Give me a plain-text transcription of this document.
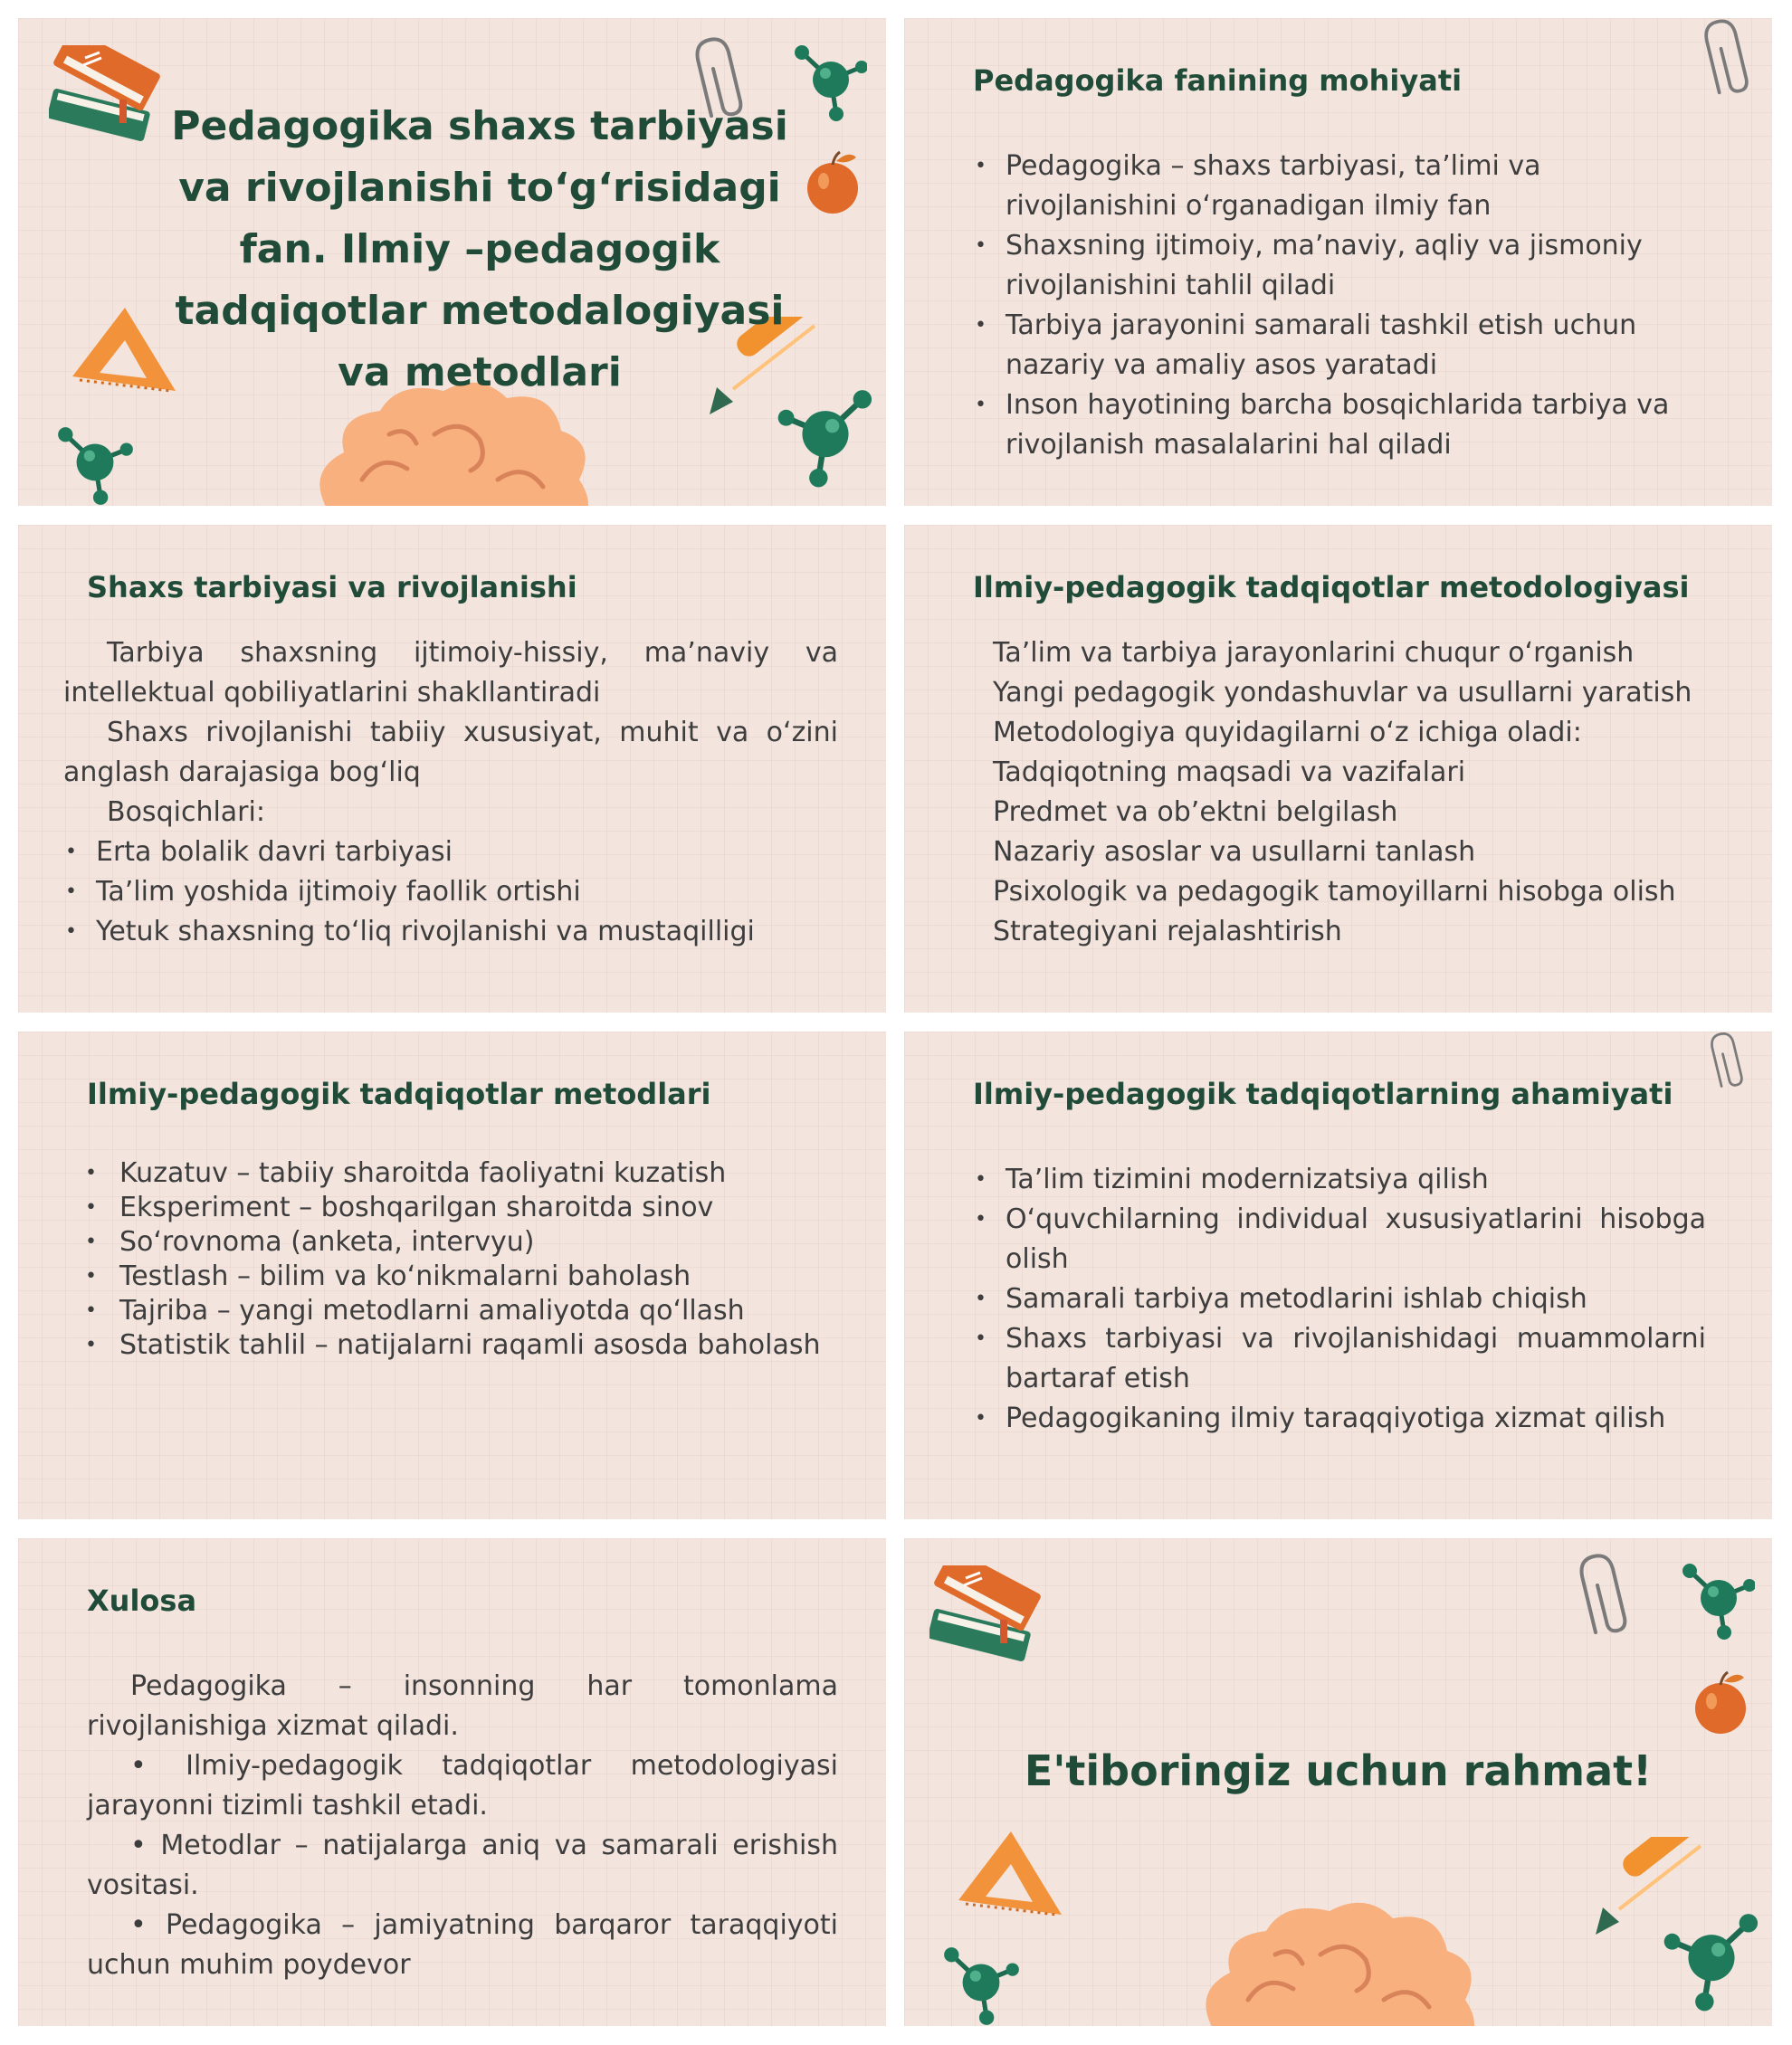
Pedagogika shaxs tarbiyasi va rivojlanishi to‘g‘risidagi fan. Ilmiy –pedagogik tadqiqotlar metodalogiyasi va metodlari
Pedagogika fanining mohiyati
• Pedagogika – shaxs tarbiyasi, ta’limi va rivojlanishini o‘rganadigan ilmiy fan
• Shaxsning ijtimoiy, ma’naviy, aqliy va jismoniy rivojlanishini tahlil qiladi
• Tarbiya jarayonini samarali tashkil etish uchun nazariy va amaliy asos yaratadi
• Inson hayotining barcha bosqichlarida tarbiya va rivojlanish masalalarini hal qiladi
Shaxs tarbiyasi va rivojlanishi

Tarbiya shaxsning ijtimoiy-hissiy, ma’naviy va intellektual qobiliyatlarini shakllantiradi

Shaxs rivojlanishi tabiiy xususiyat, muhit va o‘zini anglash darajasiga bog‘liq

Bosqichlari:

• Erta bolalik davri tarbiyasi
• Ta’lim yoshida ijtimoiy faollik ortishi
• Yetuk shaxsning to‘liq rivojlanishi va mustaqilligi
Ilmiy-pedagogik tadqiqotlar metodologiyasi

Ta’lim va tarbiya jarayonlarini chuqur o‘rganish

Yangi pedagogik yondashuvlar va usullarni yaratish

Metodologiya quyidagilarni o‘z ichiga oladi:

Tadqiqotning maqsadi va vazifalari

Predmet va ob’ektni belgilash

Nazariy asoslar va usullarni tanlash

Psixologik va pedagogik tamoyillarni hisobga olish

Strategiyani rejalashtirish

Ilmiy-pedagogik tadqiqotlar metodlari
• Kuzatuv – tabiiy sharoitda faoliyatni kuzatish
• Eksperiment – boshqarilgan sharoitda sinov
• So‘rovnoma (anketa, intervyu)
• Testlash – bilim va ko‘nikmalarni baholash
• Tajriba – yangi metodlarni amaliyotda qo‘llash
• Statistik tahlil – natijalarni raqamli asosda baholash
Ilmiy-pedagogik tadqiqotlarning ahamiyati
• Ta’lim tizimini modernizatsiya qilish
• O‘quvchilarning individual xususiyatlarini hisobga olish
• Samarali tarbiya metodlarini ishlab chiqish
• Shaxs tarbiyasi va rivojlanishidagi muammolarni bartaraf etish
• Pedagogikaning ilmiy taraqqiyotiga xizmat qilish
Xulosa

Pedagogika – insonning har tomonlama rivojlanishiga xizmat qiladi.

• Ilmiy-pedagogik tadqiqotlar metodologiyasi jarayonni tizimli tashkil etadi.

• Metodlar – natijalarga aniq va samarali erishish vositasi.

• Pedagogika – jamiyatning barqaror taraqqiyoti uchun muhim poydevor

E'tiboringiz uchun rahmat!
